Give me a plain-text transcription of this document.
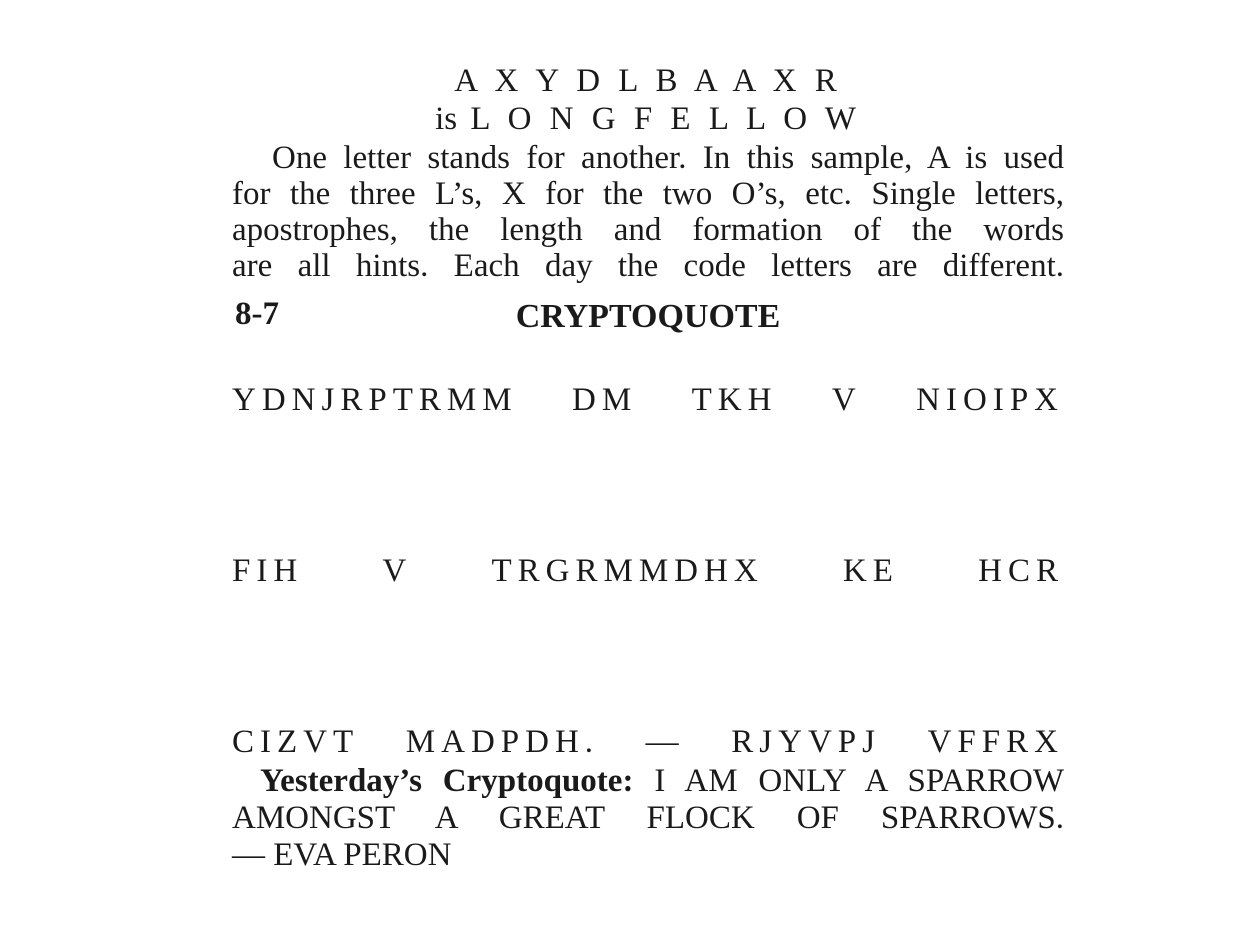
A X Y D L B A A X R
is L O N G F E L L O W
One letter stands for another. In this sample, A is used
for the three L’s, X for the two O’s, etc. Single letters,
apostrophes, the length and formation of the words
are all hints. Each day the code letters are different.
8-7	CRYPTOQUOTE
YDNJRPTRMM DM TKH V NIOIPX
FIH V TRGRMMDHX KE HCR
CIZVT MADPDH. — RJYVPJ VFFRX
Yesterday’s Cryptoquote: I AM ONLY A SPARROW
AMONGST A GREAT FLOCK OF SPARROWS.
— EVA PERON
